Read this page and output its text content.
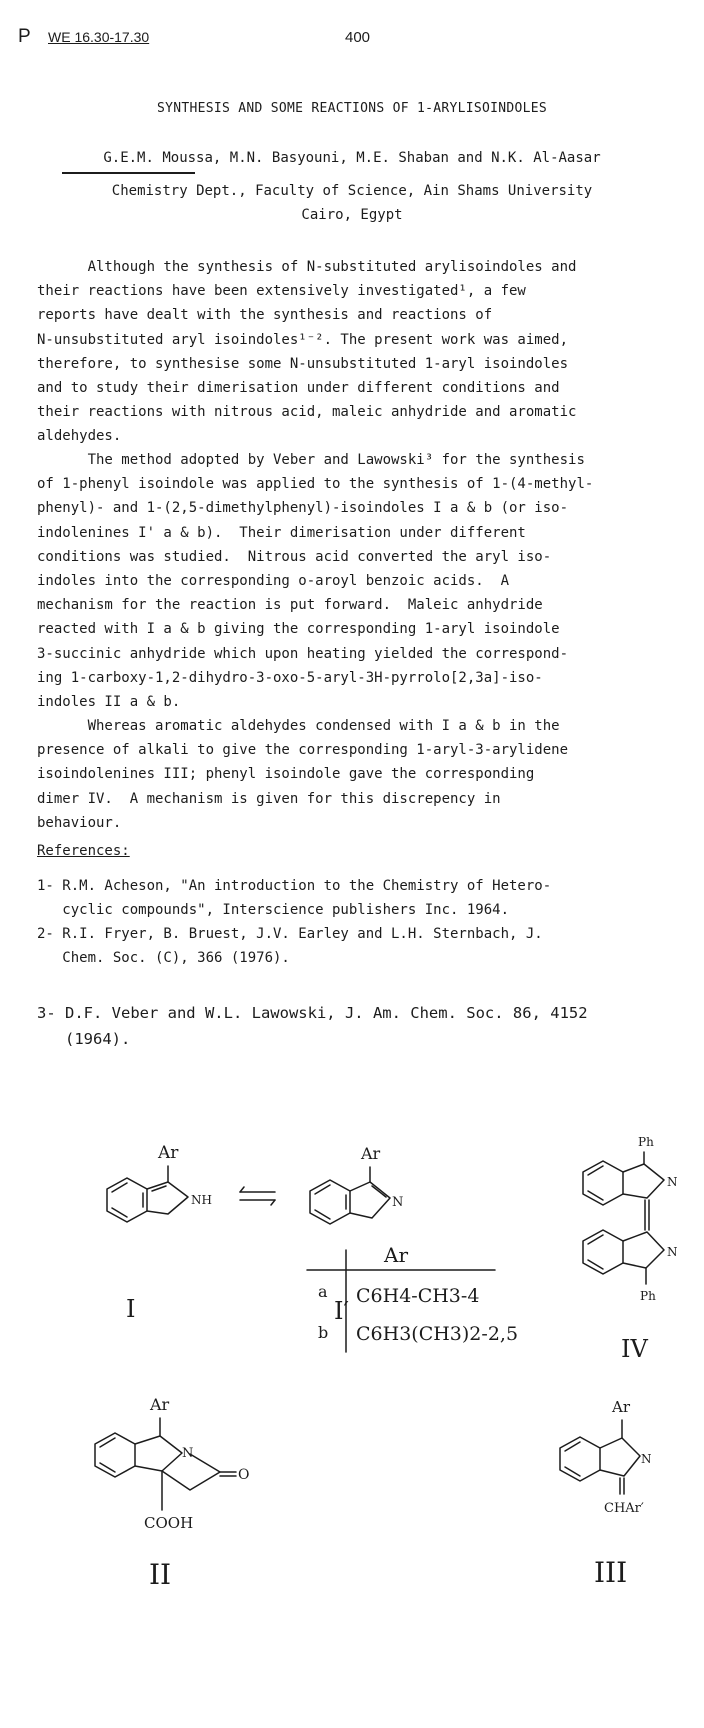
P WE 16.30-17.30	400
SYNTHESIS AND SOME REACTIONS OF 1-ARYLISOINDOLES
G.E.M. Moussa, M.N. Basyouni, M.E. Shaban and N.K. Al-Aasar
Chemistry Dept., Faculty of Science, Ain Shams University
Cairo, Egypt
Although the synthesis of N-substituted arylisoindoles and
their reactions have been extensively investigated¹, a few
reports have dealt with the synthesis and reactions of
N-unsubstituted aryl isoindoles¹⁻². The present work was aimed,
therefore, to synthesise some N-unsubstituted 1-aryl isoindoles
and to study their dimerisation under different conditions and
their reactions with nitrous acid, maleic anhydride and aromatic
aldehydes.
The method adopted by Veber and Lawowski³ for the synthesis
of 1-phenyl isoindole was applied to the synthesis of 1-(4-methyl-
phenyl)- and 1-(2,5-dimethylphenyl)-isoindoles I a & b (or iso-
indolenines I' a & b).  Their dimerisation under different
conditions was studied.  Nitrous acid converted the aryl iso-
indoles into the corresponding o-aroyl benzoic acids.  A
mechanism for the reaction is put forward.  Maleic anhydride
reacted with I a & b giving the corresponding 1-aryl isoindole
3-succinic anhydride which upon heating yielded the correspond-
ing 1-carboxy-1,2-dihydro-3-oxo-5-aryl-3H-pyrrolo[2,3a]-iso-
indoles II a & b.
Whereas aromatic aldehydes condensed with I a & b in the
presence of alkali to give the corresponding 1-aryl-3-arylidene
isoindolenines III; phenyl isoindole gave the corresponding
dimer IV.  A mechanism is given for this discrepency in
behaviour.
References:
1- R.M. Acheson, "An introduction to the Chemistry of Hetero-
cyclic compounds", Interscience publishers Inc. 1964.
2- R.I. Fryer, B. Bruest, J.V. Earley and L.H. Sternbach, J.
Chem. Soc. (C), 366 (1976).
3- D.F. Veber and W.L. Lawowski, J. Am. Chem. Soc. 86, 4152
(1964).
Ar
NH
I
Ar
N
I′
Ph
N
Ph
N
IV
Ar
a C6H4-CH3-4
b C6H3(CH3)2-2,5
Ar
N
O
COOH
II
Ar
N
CHAr′
III
